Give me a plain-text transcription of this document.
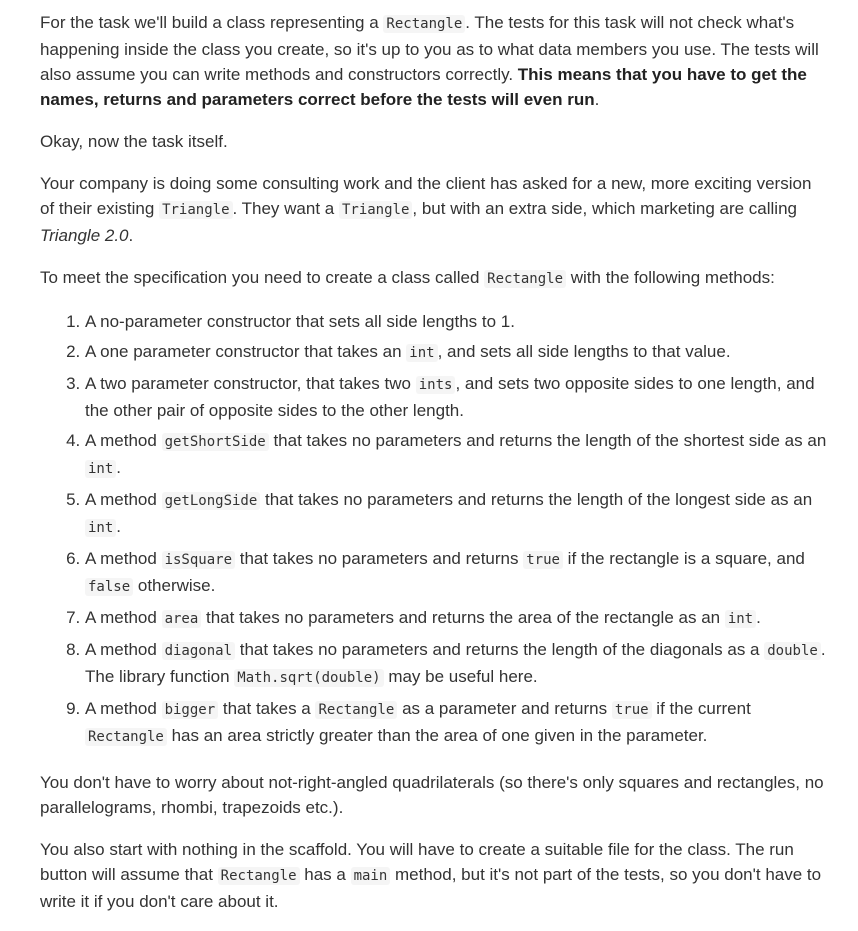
For the task we'll build a class representing a Rectangle . The tests for this task will not check what's happening inside the class you create, so it's up to you as to what data members you use. The tests will also assume you can write methods and constructors correctly. This means that you have to get the names, returns and parameters correct before the tests will even run.

Okay, now the task itself.

Your company is doing some consulting work and the client has asked for a new, more exciting version of their existing Triangle . They want a Triangle , but with an extra side, which marketing are calling Triangle 2.0.

To meet the specification you need to create a class called Rectangle with the following methods:

1. A no-parameter constructor that sets all side lengths to 1.
2. A one parameter constructor that takes an int , and sets all side lengths to that value.
3. A two parameter constructor, that takes two ints , and sets two opposite sides to one length, and the other pair of opposite sides to the other length.
4. A method getShortSide that takes no parameters and returns the length of the shortest side as an int .
5. A method getLongSide that takes no parameters and returns the length of the longest side as an int .
6. A method isSquare that takes no parameters and returns true if the rectangle is a square, and false otherwise.
7. A method area that takes no parameters and returns the area of the rectangle as an int .
8. A method diagonal that takes no parameters and returns the length of the diagonals as a double . The library function Math.sqrt(double) may be useful here.
9. A method bigger that takes a Rectangle as a parameter and returns true if the current Rectangle has an area strictly greater than the area of one given in the parameter.

You don't have to worry about not-right-angled quadrilaterals (so there's only squares and rectangles, no parallelograms, rhombi, trapezoids etc.).

You also start with nothing in the scaffold. You will have to create a suitable file for the class. The run button will assume that Rectangle has a main method, but it's not part of the tests, so you don't have to write it if you don't care about it.
